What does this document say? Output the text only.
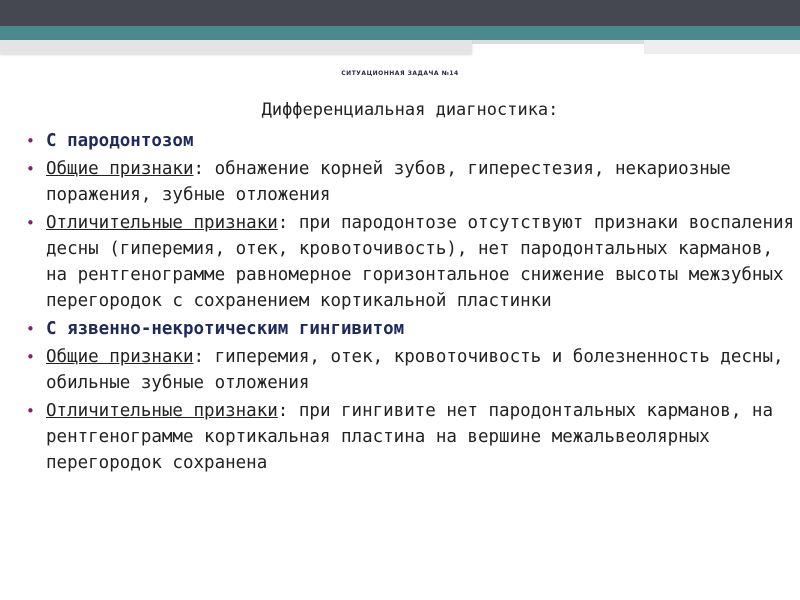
СИТУАЦИОННАЯ ЗАДАЧА №14
Дифференциальная диагностика:
• С пародонтозом
• Общие признаки: обнажение корней зубов, гиперестезия, некариозные поражения, зубные отложения
• Отличительные признаки: при пародонтозе отсутствуют признаки воспаления десны (гиперемия, отек, кровоточивость), нет пародонтальных карманов, на рентгенограмме равномерное горизонтальное снижение высоты межзубных перегородок с сохранением кортикальной пластинки
• С язвенно-некротическим гингивитом
• Общие признаки: гиперемия, отек, кровоточивость и болезненность десны, обильные зубные отложения
• Отличительные признаки: при гингивите нет пародонтальных карманов, на рентгенограмме кортикальная пластина на вершине межальвеолярных перегородок сохранена
